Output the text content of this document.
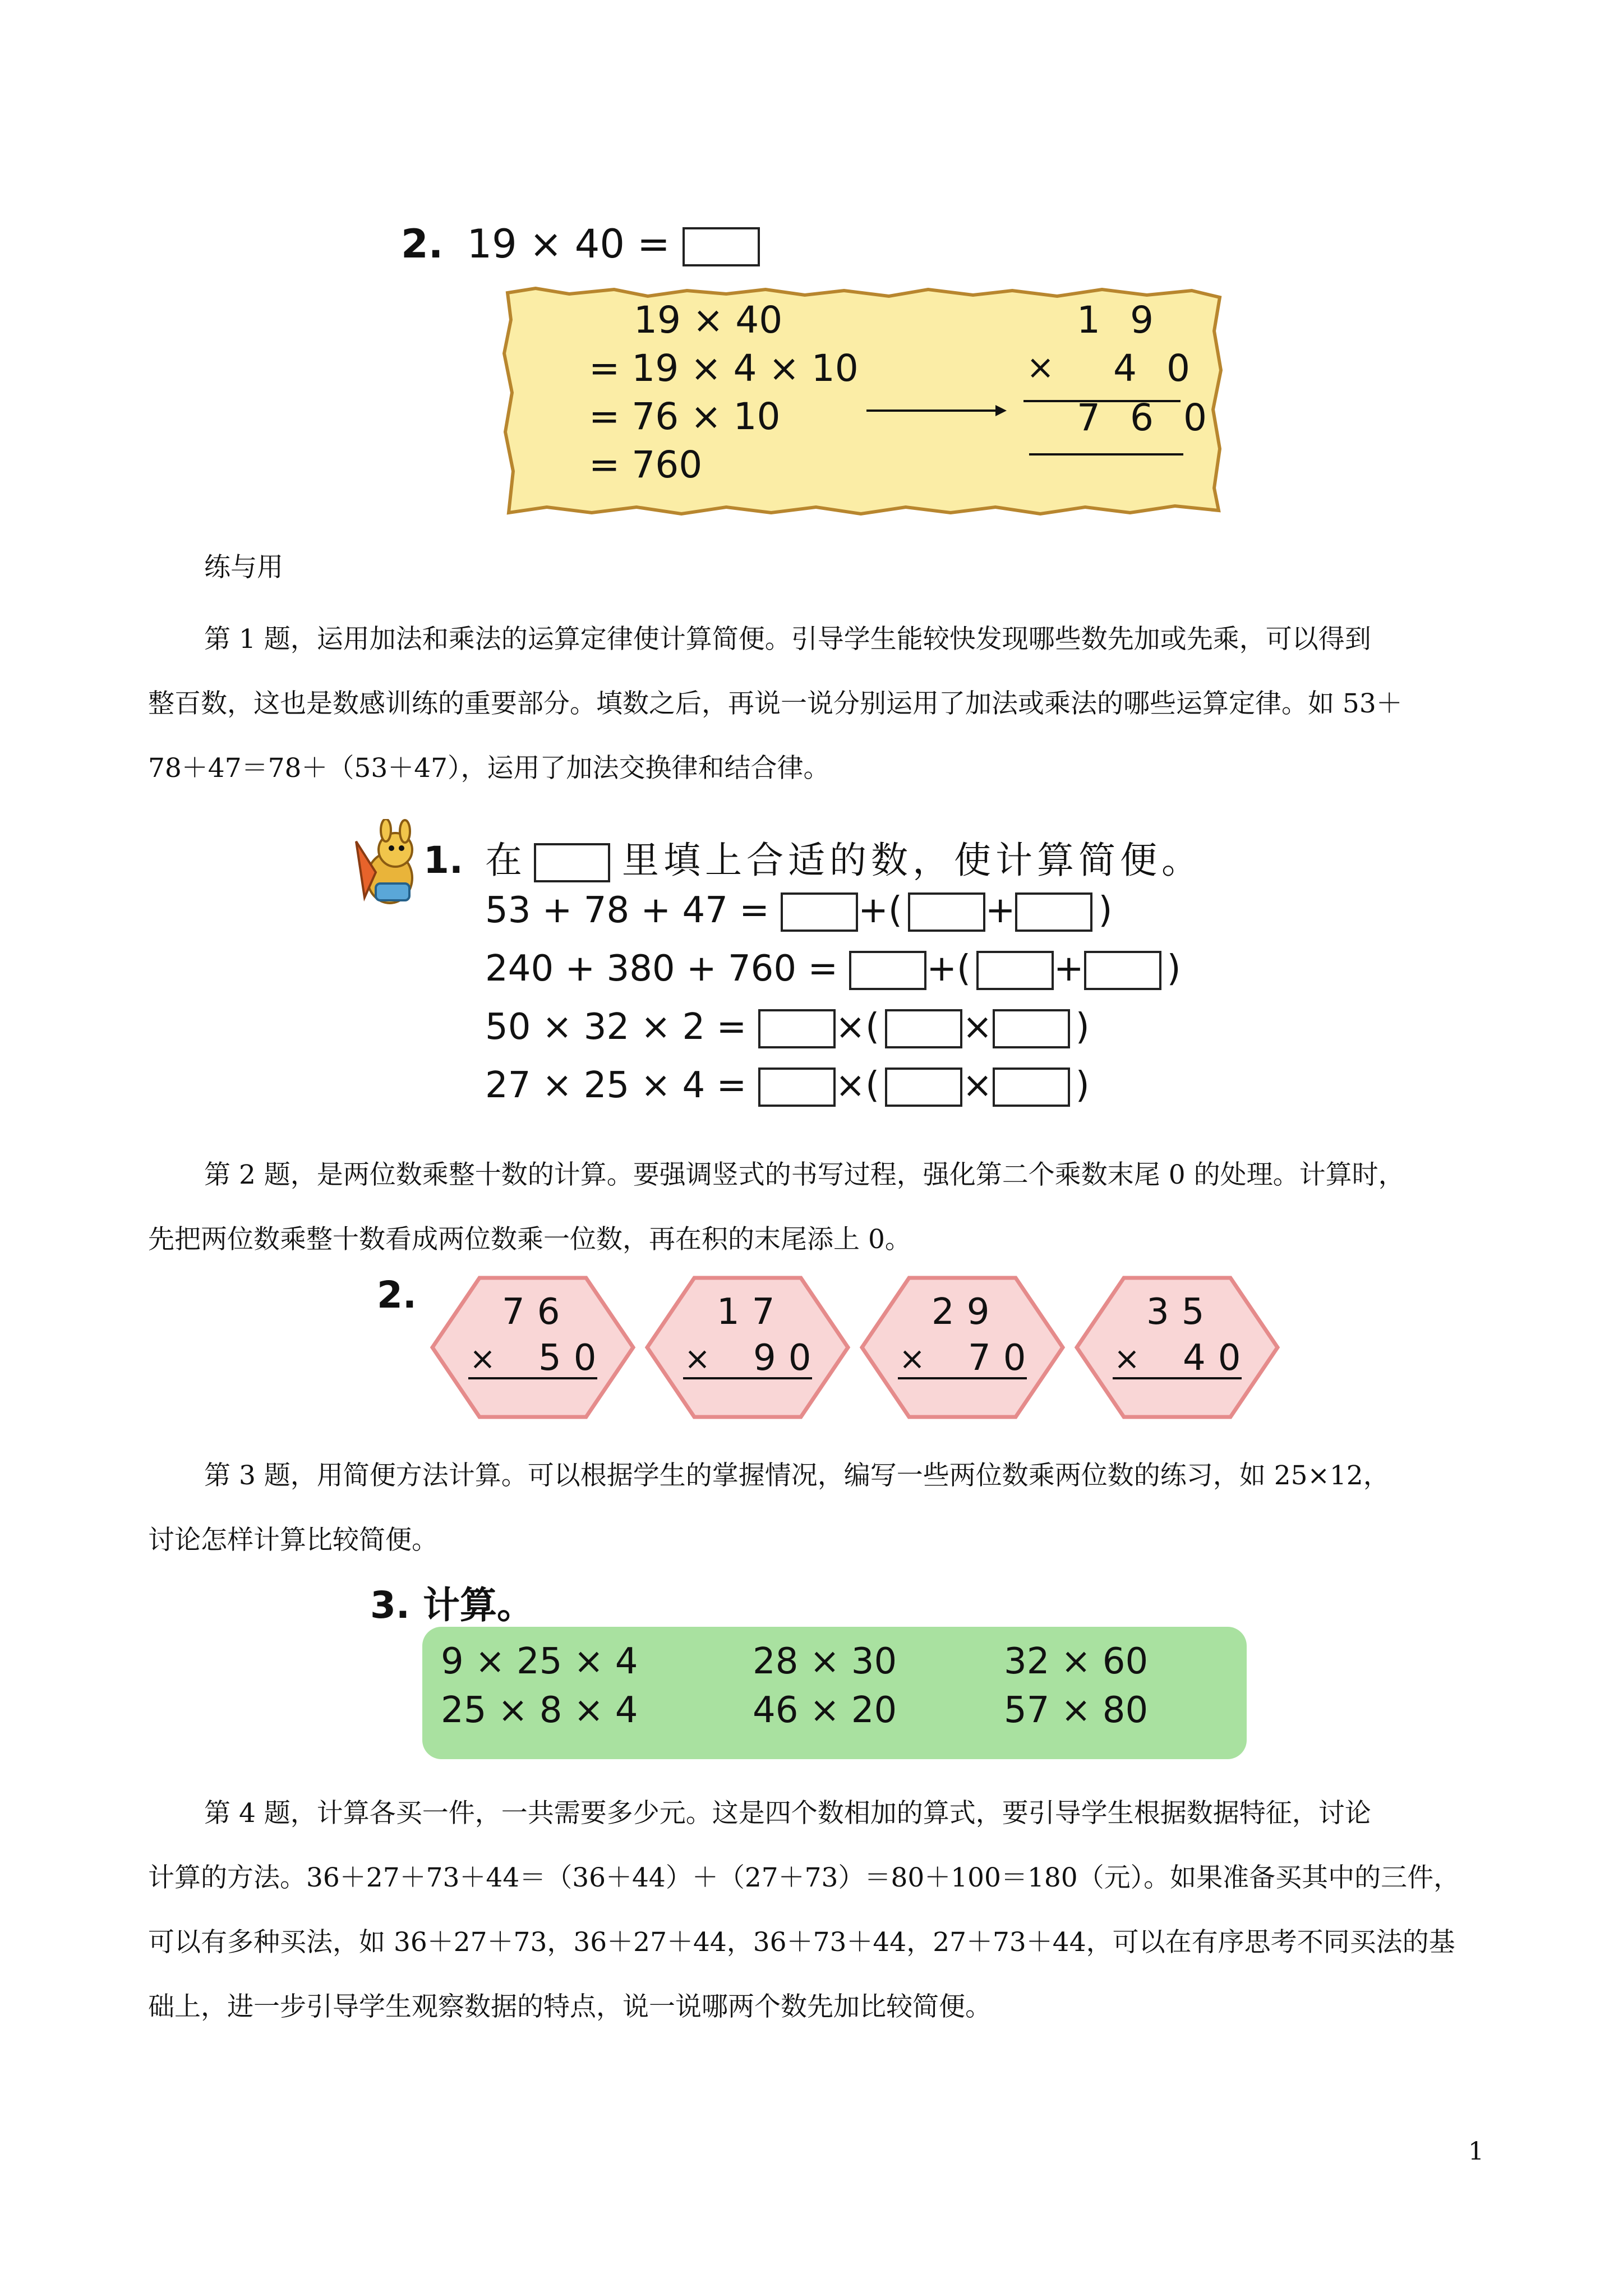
2. 19 × 40 =
19 × 40
= 19 × 4 × 10
= 76 × 10
= 760
1 9
× 4 0
7 6 0
练与用
第 1 题，运用加法和乘法的运算定律使计算简便。引导学生能较快发现哪些数先加或先乘，可以得到
整百数，这也是数感训练的重要部分。填数之后，再说一说分别运用了加法或乘法的哪些运算定律。如 53＋
78＋47＝78＋（53＋47），运用了加法交换律和结合律。
1. 在	里填上合适的数，使计算简便。
53 + 78 + 47 = +( + )
240 + 380 + 760 = +( + )
50 × 32 × 2 = ×( × )
27 × 25 × 4 = ×( × )
第 2 题，是两位数乘整十数的计算。要强调竖式的书写过程，强化第二个乘数末尾 0 的处理。计算时，
先把两位数乘整十数看成两位数乘一位数，再在积的末尾添上 0。
2. 76
× 50
17
× 90
29
× 70
35
× 40
第 3 题，用简便方法计算。可以根据学生的掌握情况，编写一些两位数乘两位数的练习，如 25×12，
讨论怎样计算比较简便。
3. 计算。
9 × 25 × 4	28 × 30	32 × 60
25 × 8 × 4	46 × 20	57 × 80
第 4 题，计算各买一件，一共需要多少元。这是四个数相加的算式，要引导学生根据数据特征，讨论
计算的方法。36＋27＋73＋44＝（36＋44）＋（27＋73）＝80＋100＝180（元）。如果准备买其中的三件，
可以有多种买法，如 36＋27＋73，36＋27＋44，36＋73＋44，27＋73＋44，可以在有序思考不同买法的基
础上，进一步引导学生观察数据的特点，说一说哪两个数先加比较简便。
1
